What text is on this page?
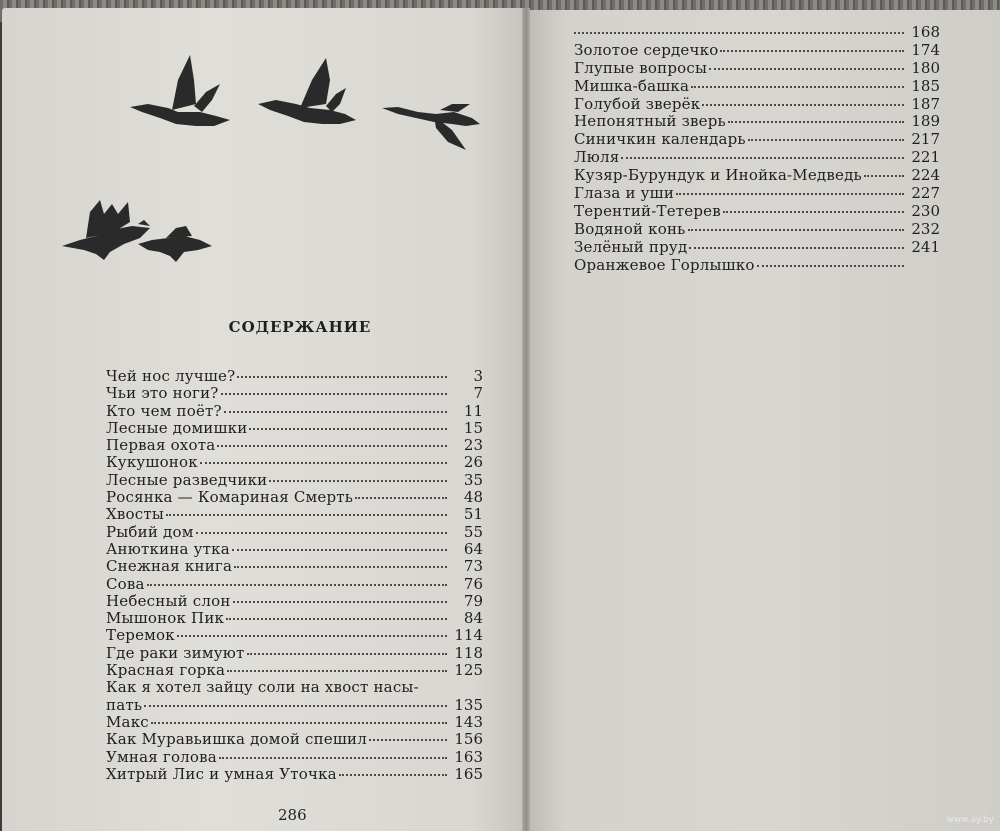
СОДЕРЖАНИЕ
Чей нос лучше?	3
Чьи это ноги?	7
Кто чем поёт?	11
Лесные домишки	15
Первая охота	23
Кукушонок	26
Лесные разведчики	35
Росянка — Комариная Смерть	48
Хвосты	51
Рыбий дом	55
Анюткина утка	64
Снежная книга	73
Сова	76
Небесный слон	79
Мышонок Пик	84
Теремок	114
Где раки зимуют	118
Красная горка	125
Как я хотел зайцу соли на хвост насы-
пать	135
Макс	143
Как Муравьишка домой спешил	156
Умная голова	163
Хитрый Лис и умная Уточка	165
286
168
Золотое сердечко	174
Глупые вопросы	180
Мишка-башка	185
Голубой зверёк	187
Непонятный зверь	189
Синичкин календарь	217
Люля	221
Кузяр-Бурундук и Инойка-Медведь	224
Глаза и уши	227
Терентий-Тетерев	230
Водяной конь	232
Зелёный пруд	241
Оранжевое Горлышко
www.ay.by
